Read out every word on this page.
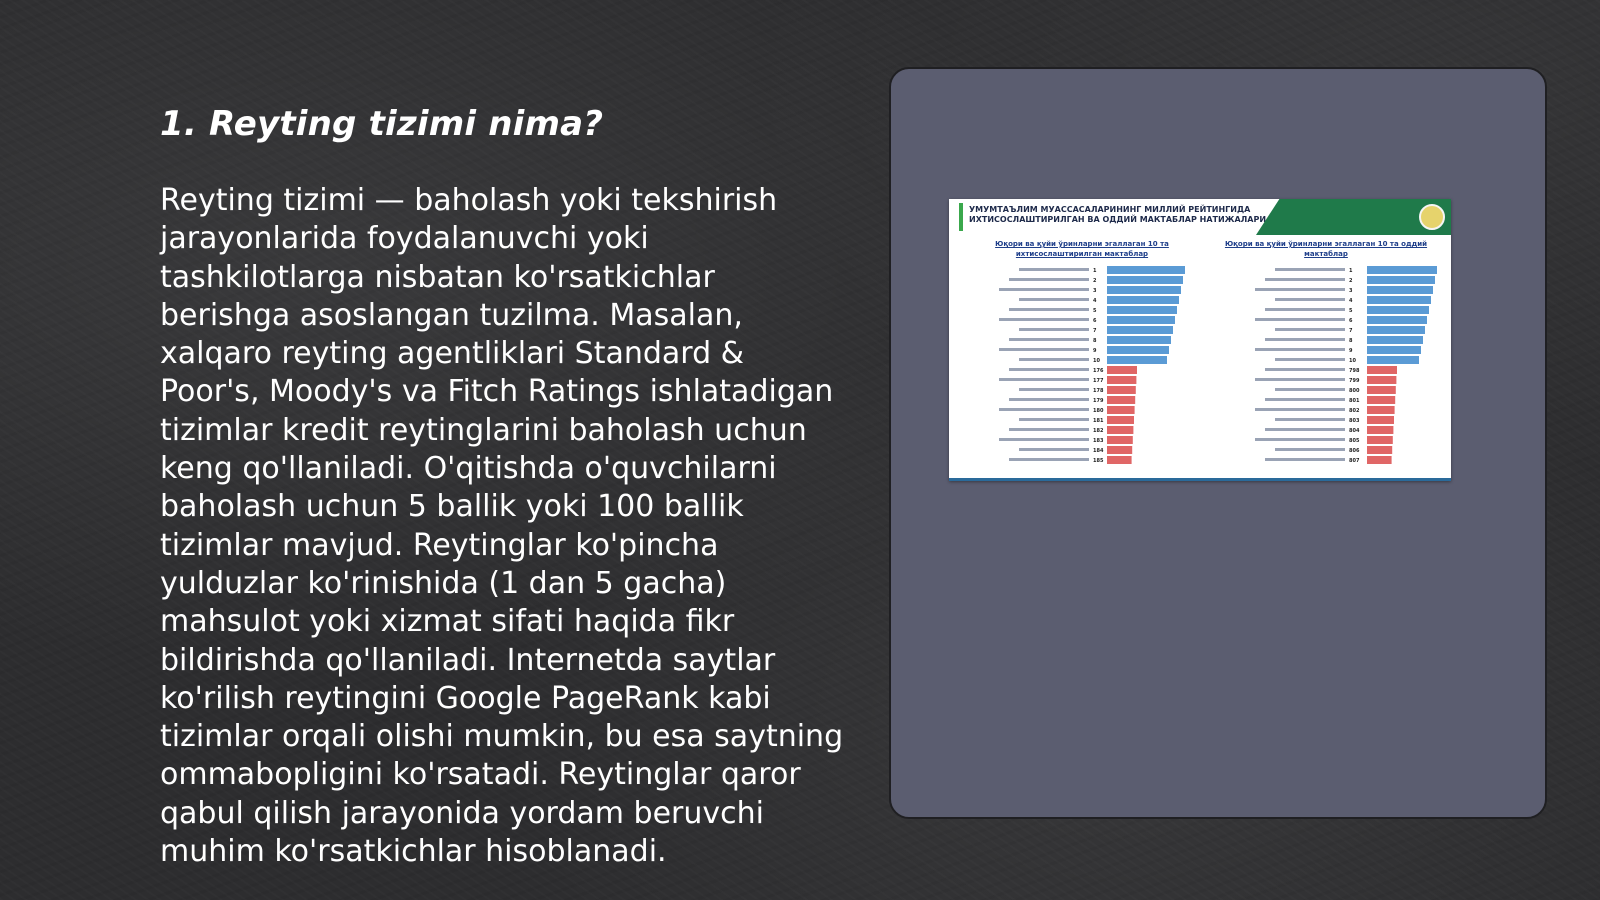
1. Reyting tizimi nima?

Reyting tizimi — baholash yoki tekshirish jarayonlarida foydalanuvchi yoki tashkilotlarga nisbatan ko'rsatkichlar berishga asoslangan tuzilma. Masalan, xalqaro reyting agentliklari Standard & Poor's, Moody's va Fitch Ratings ishlatadigan tizimlar kredit reytinglarini baholash uchun keng qo'llaniladi. O'qitishda o'quvchilarni baholash uchun 5 ballik yoki 100 ballik tizimlar mavjud. Reytinglar ko'pincha yulduzlar ko'rinishida (1 dan 5 gacha) mahsulot yoki xizmat sifati haqida fikr bildirishda qo'llaniladi. Internetda saytlar ko'rilish reytingini Google PageRank kabi tizimlar orqali olishi mumkin, bu esa saytning ommabopligini ko'rsatadi. Reytinglar qaror qabul qilish jarayonida yordam beruvchi muhim ko'rsatkichlar hisoblanadi.

УМУМТАЪЛИМ МУАССАСАЛАРИНИНГ МИЛЛИЙ РЕЙТИНГИДА ИХТИСОСЛАШТИРИЛГАН ВА ОДДИЙ МАКТАБЛАР НАТИЖАЛАРИ
Юқори ва қуйи ўринларни эгаллаган 10 та ихтисослаштирилган мактаблар
Юқори ва қуйи ўринларни эгаллаган 10 та оддий мактаблар
1
2
3
4
5
6
7
8
9
10
176
177
178
179
180
181
182
183
184
185
1
2
3
4
5
6
7
8
9
10
798
799
800
801
802
803
804
805
806
807
